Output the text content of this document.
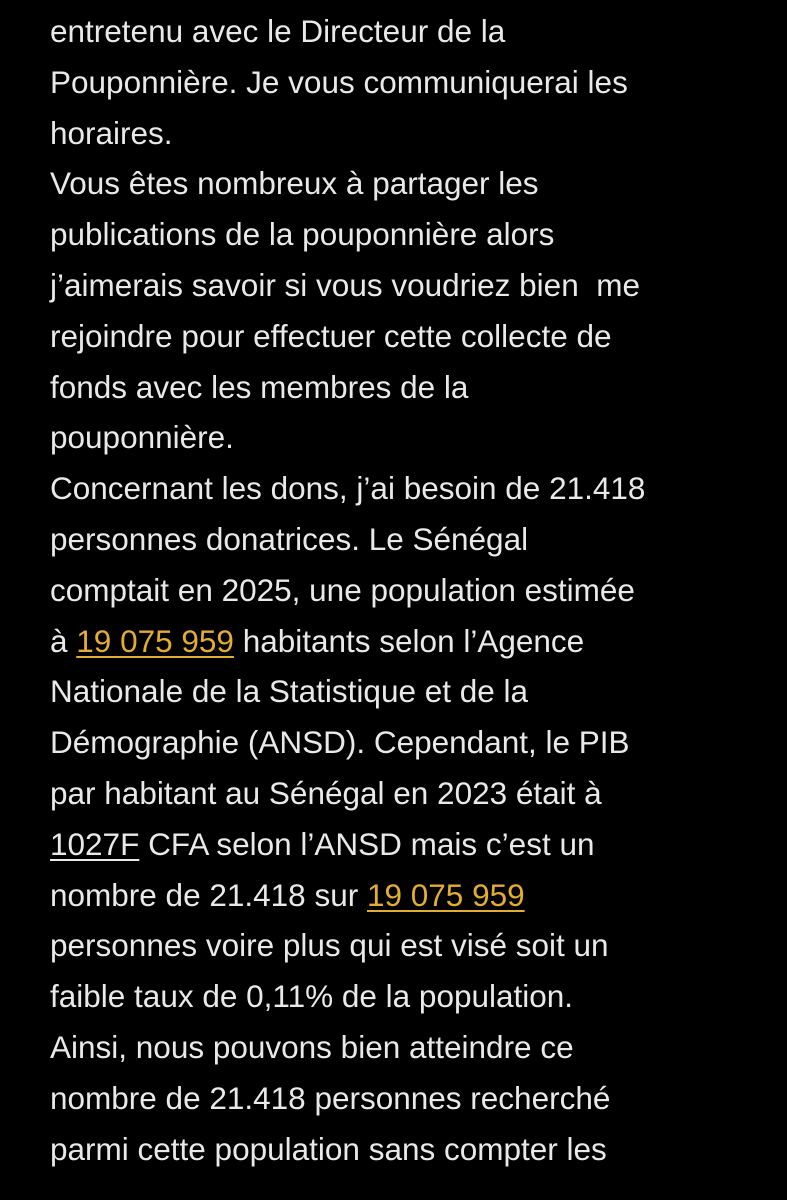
entretenu avec le Directeur de la
Pouponnière. Je vous communiquerai les
horaires.
Vous êtes nombreux à partager les
publications de la pouponnière alors
j’aimerais savoir si vous voudriez bien  me
rejoindre pour effectuer cette collecte de
fonds avec les membres de la
pouponnière.
Concernant les dons, j’ai besoin de 21.418
personnes donatrices. Le Sénégal
comptait en 2025, une population estimée
à 19 075 959 habitants selon l’Agence
Nationale de la Statistique et de la
Démographie (ANSD). Cependant, le PIB
par habitant au Sénégal en 2023 était à
1027F CFA selon l’ANSD mais c’est un
nombre de 21.418 sur 19 075 959
personnes voire plus qui est visé soit un
faible taux de 0,11% de la population.
Ainsi, nous pouvons bien atteindre ce
nombre de 21.418 personnes recherché
parmi cette population sans compter les
